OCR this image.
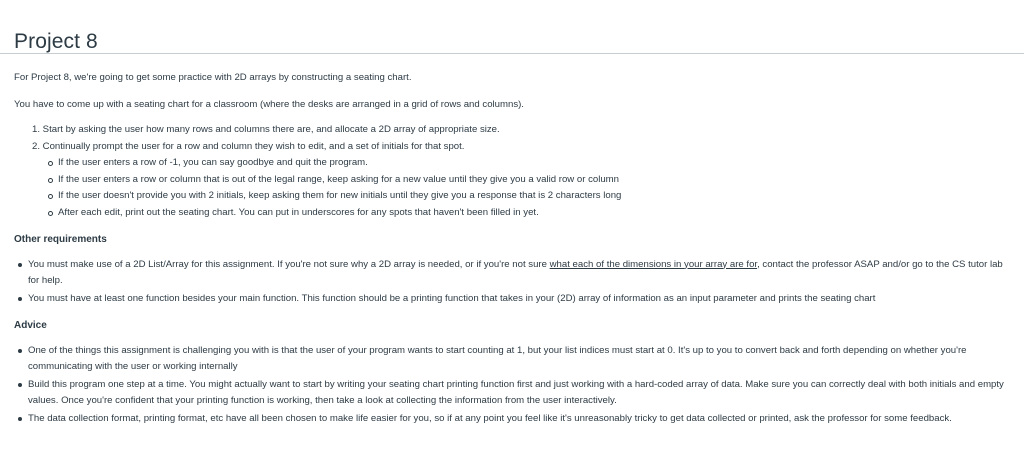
Project 8

For Project 8, we're going to get some practice with 2D arrays by constructing a seating chart.

You have to come up with a seating chart for a classroom (where the desks are arranged in a grid of rows and columns).

1. Start by asking the user how many rows and columns there are, and allocate a 2D array of appropriate size.
2. Continually prompt the user for a row and column they wish to edit, and a set of initials for that spot.
If the user enters a row of -1, you can say goodbye and quit the program.
If the user enters a row or column that is out of the legal range, keep asking for a new value until they give you a valid row or column
If the user doesn't provide you with 2 initials, keep asking them for new initials until they give you a response that is 2 characters long
After each edit, print out the seating chart. You can put in underscores for any spots that haven't been filled in yet.
Other requirements
You must make use of a 2D List/Array for this assignment. If you're not sure why a 2D array is needed, or if you're not sure what each of the dimensions in your array are for, contact the professor ASAP and/or go to the CS tutor lab for help.
You must have at least one function besides your main function. This function should be a printing function that takes in your (2D) array of information as an input parameter and prints the seating chart
Advice
One of the things this assignment is challenging you with is that the user of your program wants to start counting at 1, but your list indices must start at 0. It's up to you to convert back and forth depending on whether you're communicating with the user or working internally
Build this program one step at a time. You might actually want to start by writing your seating chart printing function first and just working with a hard-coded array of data. Make sure you can correctly deal with both initials and empty values. Once you're confident that your printing function is working, then take a look at collecting the information from the user interactively.
The data collection format, printing format, etc have all been chosen to make life easier for you, so if at any point you feel like it's unreasonably tricky to get data collected or printed, ask the professor for some feedback.
